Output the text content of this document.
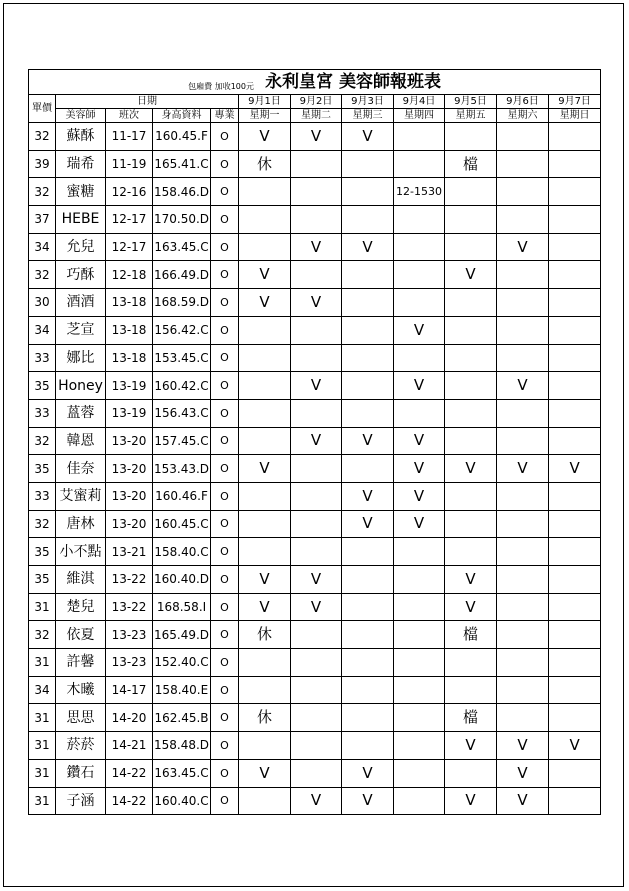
包廂費 加收100元 永利皇宮 美容師報班表											
單價	日期				9月1日	9月2日	9月3日	9月4日	9月5日	9月6日	9月7日
	美容師	班次	身高資料	專業	星期一	星期二	星期三	星期四	星期五	星期六	星期日
32	蘇酥	11-17	160.45.F	O	V	V	V				
39	瑞希	11-19	165.41.C	O	休				檔		
32	蜜糖	12-16	158.46.D	O				12-1530			
37	HEBE	12-17	170.50.D	O							
34	允兒	12-17	163.45.C	O		V	V			V	
32	巧酥	12-18	166.49.D	O	V				V		
30	酒酒	13-18	168.59.D	O	V	V					
34	芝宣	13-18	156.42.C	O				V			
33	娜比	13-18	153.45.C	O							
35	Honey	13-19	160.42.C	O		V		V		V	
33	蒕蓉	13-19	156.43.C	O							
32	韓恩	13-20	157.45.C	O		V	V	V			
35	佳奈	13-20	153.43.D	O	V			V	V	V	V
33	艾蜜莉	13-20	160.46.F	O			V	V			
32	唐林	13-20	160.45.C	O			V	V			
35	小不點	13-21	158.40.C	O							
35	維淇	13-22	160.40.D	O	V	V			V		
31	楚兒	13-22	168.58.I	O	V	V			V		
32	依夏	13-23	165.49.D	O	休				檔		
31	許馨	13-23	152.40.C	O							
34	木曦	14-17	158.40.E	O							
31	思思	14-20	162.45.B	O	休				檔		
31	菸菸	14-21	158.48.D	O					V	V	V
31	鑽石	14-22	163.45.C	O	V		V			V	
31	子涵	14-22	160.40.C	O		V	V		V	V	
